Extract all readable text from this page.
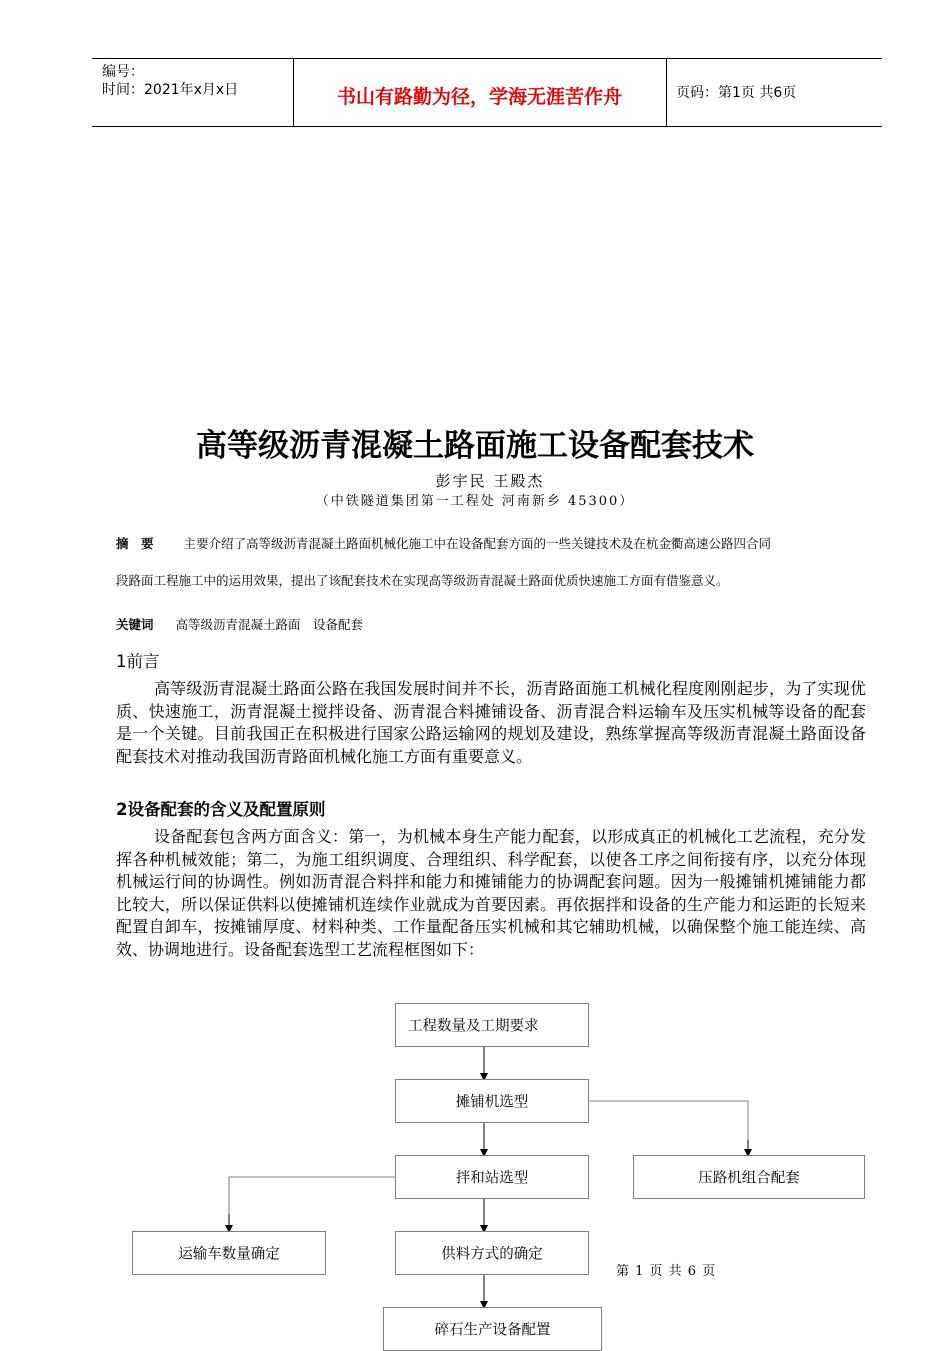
编号：
时间：2021年x月x日	书山有路勤为径，学海无涯苦作舟	页码：第1页 共6页
高等级沥青混凝土路面施工设备配套技术
彭宇民 王殿杰
（中铁隧道集团第一工程处 河南新乡 45300）
摘　要 主要介绍了高等级沥青混凝土路面机械化施工中在设备配套方面的一些关键技术及在杭金衢高速公路四合同
段路面工程施工中的运用效果，提出了该配套技术在实现高等级沥青混凝土路面优质快速施工方面有借鉴意义。
关键词 高等级沥青混凝土路面　设备配套
1前言
高等级沥青混凝土路面公路在我国发展时间并不长，沥青路面施工机械化程度刚刚起步，为了实现优质、快速施工，沥青混凝土搅拌设备、沥青混合料摊铺设备、沥青混合料运输车及压实机械等设备的配套是一个关键。目前我国正在积极进行国家公路运输网的规划及建设，熟练掌握高等级沥青混凝土路面设备配套技术对推动我国沥青路面机械化施工方面有重要意义。
2设备配套的含义及配置原则
设备配套包含两方面含义：第一，为机械本身生产能力配套，以形成真正的机械化工艺流程，充分发挥各种机械效能；第二，为施工组织调度、合理组织、科学配套，以使各工序之间衔接有序，以充分体现机械运行间的协调性。例如沥青混合料拌和能力和摊铺能力的协调配套问题。因为一般摊铺机摊铺能力都比较大，所以保证供料以使摊铺机连续作业就成为首要因素。再依据拌和设备的生产能力和运距的长短来配置自卸车，按摊铺厚度、材料种类、工作量配备压实机械和其它辅助机械，以确保整个施工能连续、高效、协调地进行。设备配套选型工艺流程框图如下：
工程数量及工期要求
摊铺机选型
拌和站选型	压路机组合配套
运输车数量确定	供料方式的确定
碎石生产设备配置
第 1 页 共 6 页
